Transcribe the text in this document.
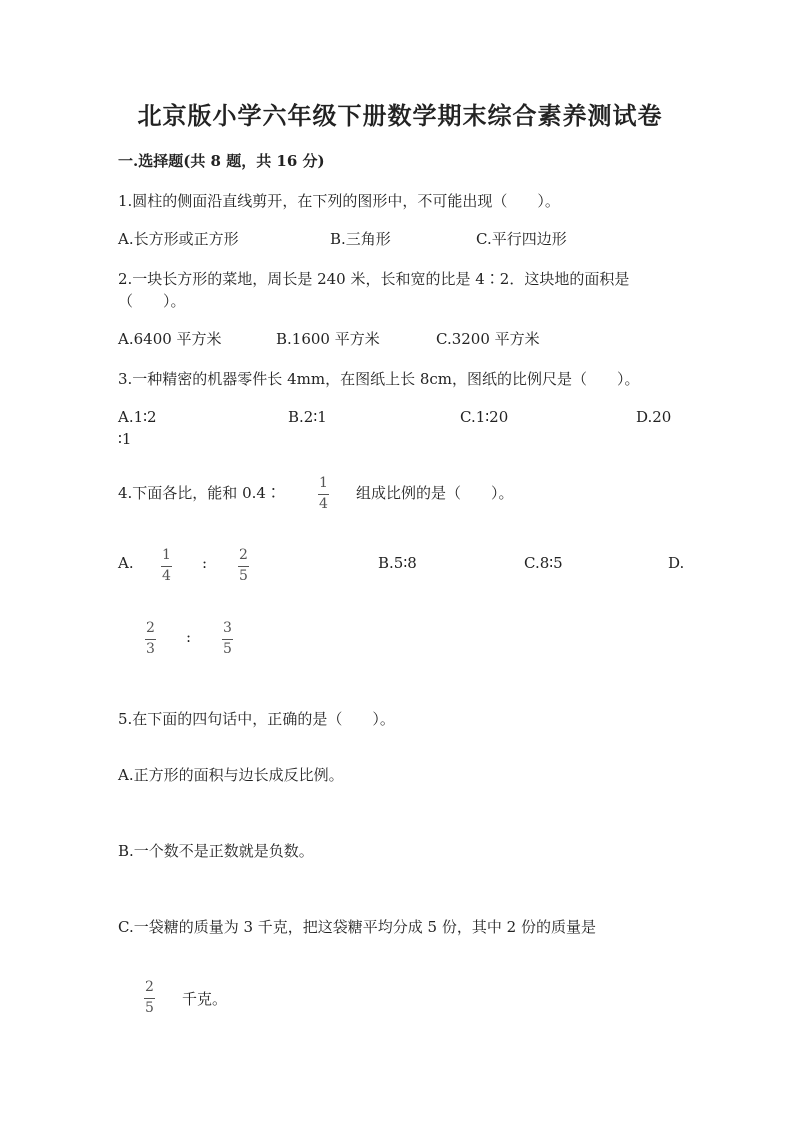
北京版小学六年级下册数学期末综合素养测试卷
一.选择题(共 8 题，共 16 分)
1.圆柱的侧面沿直线剪开，在下列的图形中，不可能出现（　　）。
A.长方形或正方形	B.三角形	C.平行四边形
2.一块长方形的菜地，周长是 240 米，长和宽的比是 4∶2．这块地的面积是
（　　）。
A.6400 平方米	B.1600 平方米	C.3200 平方米
3.一种精密的机器零件长 4mm，在图纸上长 8cm，图纸的比例尺是（　　）。
A.1∶2	B.2∶1	C.1∶20	D.20
∶1
4.下面各比，能和 0.4∶
1
4
组成比例的是（　　）。
A. 1
4
: 2
5
B.5∶8	C.8∶5	D.
2
3
: 3
5
5.在下面的四句话中，正确的是（　　）。
A.正方形的面积与边长成反比例。
B.一个数不是正数就是负数。
C.一袋糖的质量为 3 千克，把这袋糖平均分成 5 份，其中 2 份的质量是
2
5 千克。
